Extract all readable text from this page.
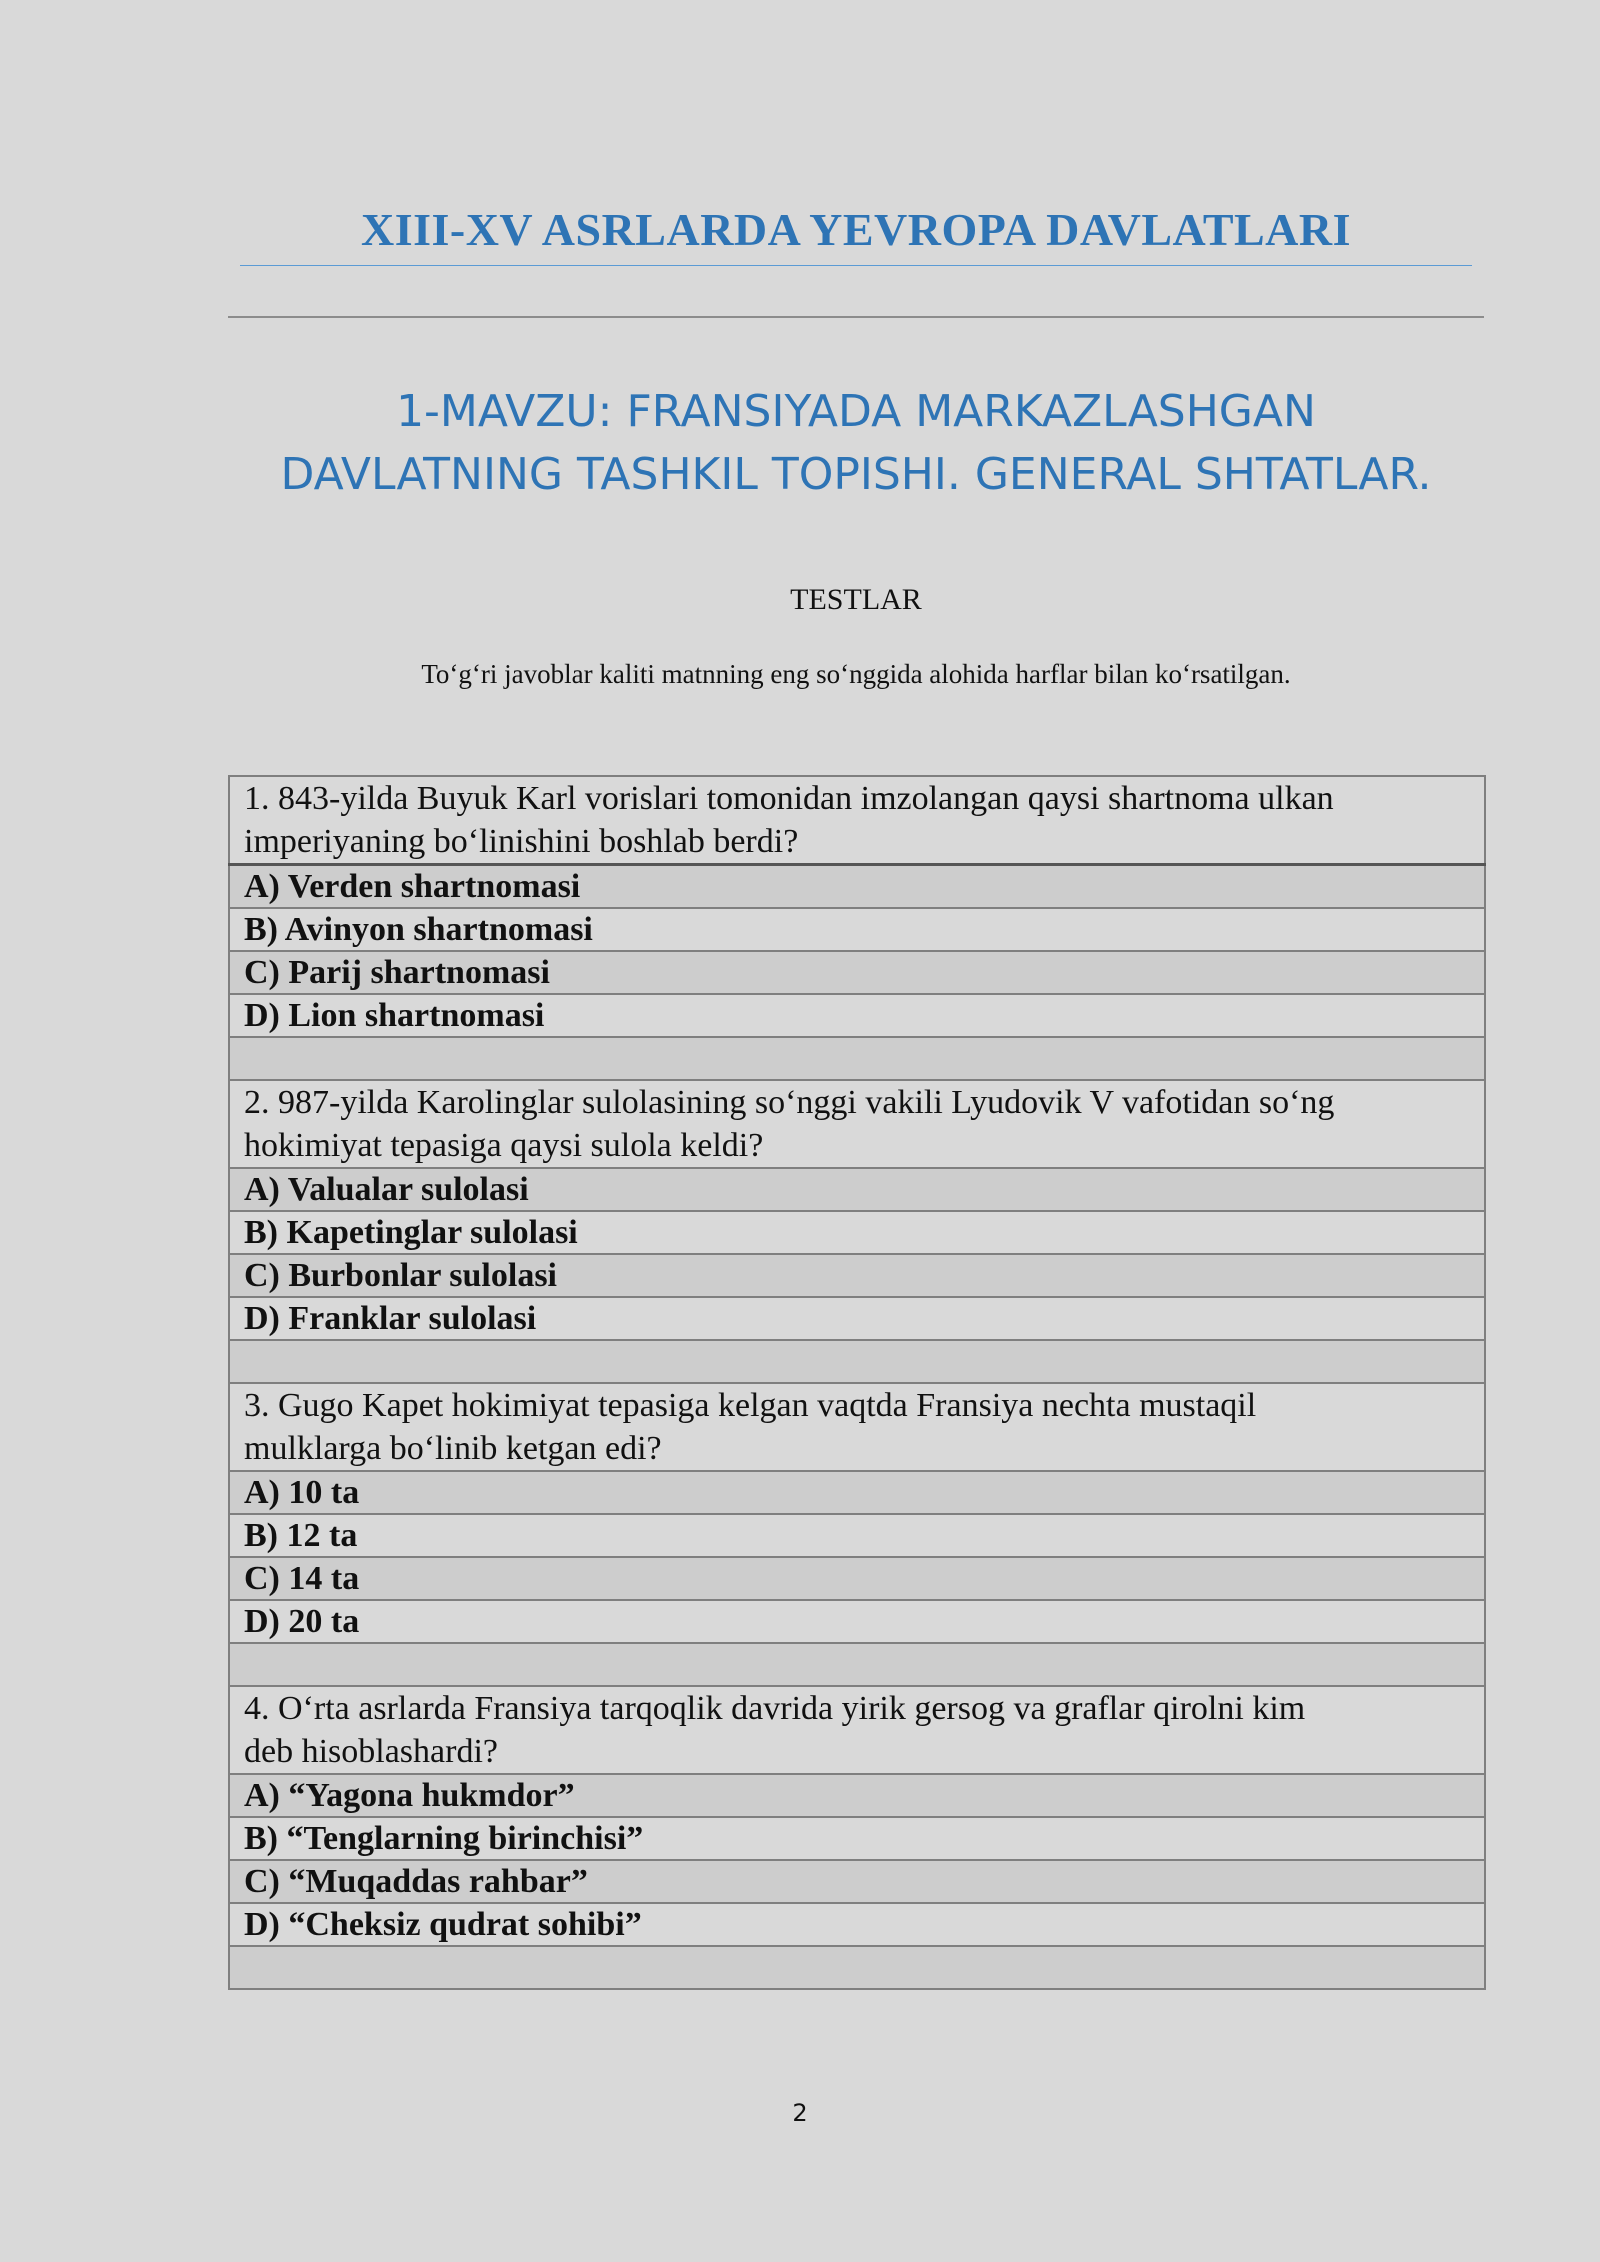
XIII-XV ASRLARDA YEVROPA DAVLATLARI
1-MAVZU: FRANSIYADA MARKAZLASHGAN
DAVLATNING TASHKIL TOPISHI. GENERAL SHTATLAR.
TESTLAR
To‘g‘ri javoblar kaliti matnning eng so‘nggida alohida harflar bilan ko‘rsatilgan.
1. 843-yilda Buyuk Karl vorislari tomonidan imzolangan qaysi shartnoma ulkan
imperiyaning bo‘linishini boshlab berdi?

A) Verden shartnomasi
B) Avinyon shartnomasi
C) Parij shartnomasi
D) Lion shartnomasi

2. 987-yilda Karolinglar sulolasining so‘nggi vakili Lyudovik V vafotidan so‘ng
hokimiyat tepasiga qaysi sulola keldi?

A) Valualar sulolasi
B) Kapetinglar sulolasi
C) Burbonlar sulolasi
D) Franklar sulolasi

3. Gugo Kapet hokimiyat tepasiga kelgan vaqtda Fransiya nechta mustaqil
mulklarga bo‘linib ketgan edi?

A) 10 ta
B) 12 ta
C) 14 ta
D) 20 ta

4. O‘rta asrlarda Fransiya tarqoqlik davrida yirik gersog va graflar qirolni kim
deb hisoblashardi?

A) “Yagona hukmdor”
B) “Tenglarning birinchisi”
C) “Muqaddas rahbar”
D) “Cheksiz qudrat sohibi”

2
